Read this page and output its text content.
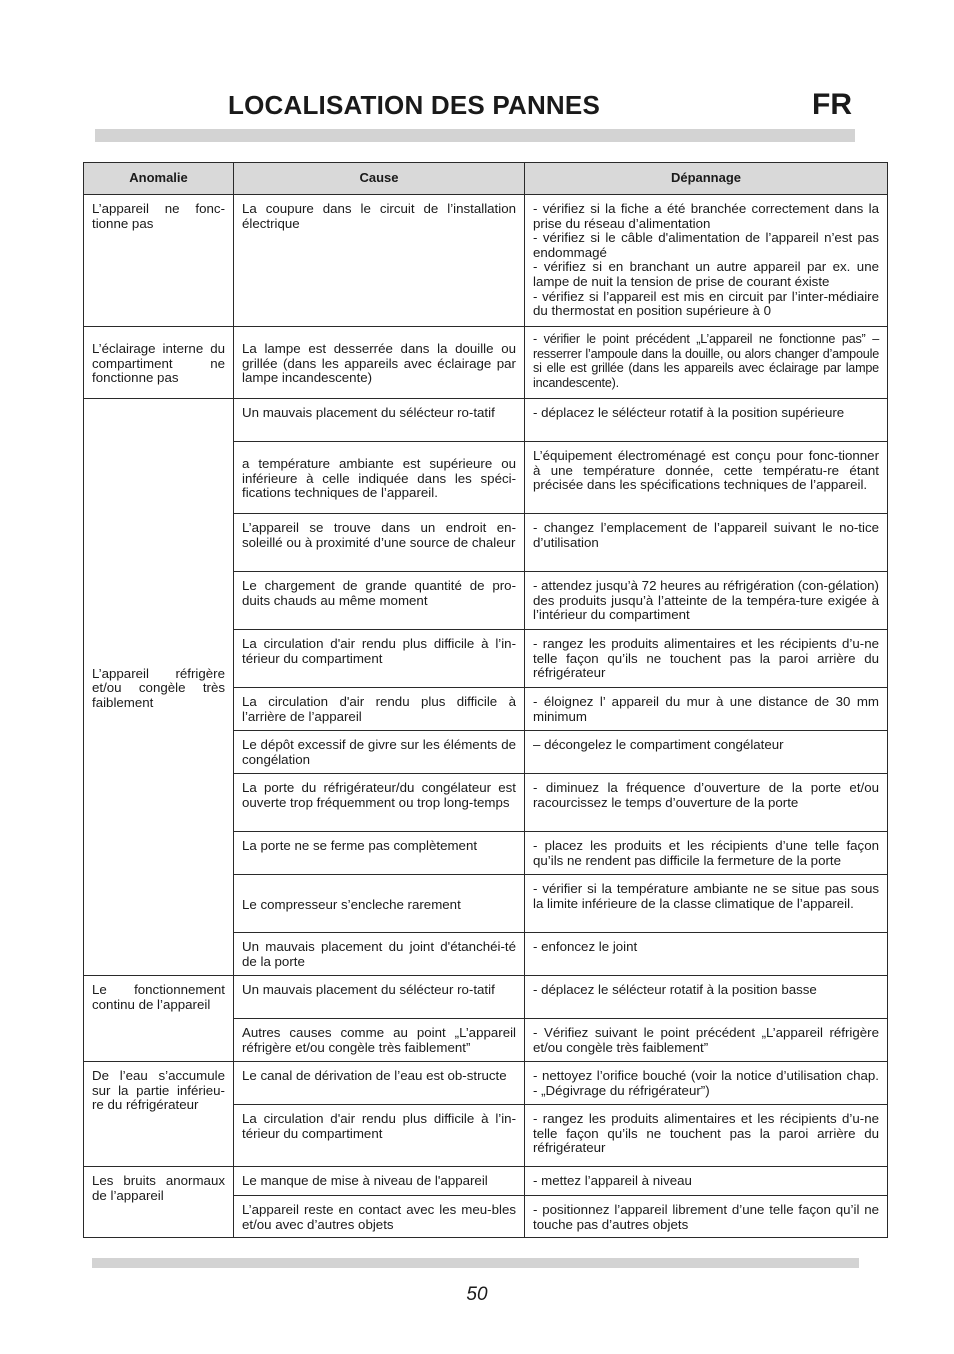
LOCALISATION DES PANNES	FR
Anomalie	Cause	Dépannage
L’appareil ne fonc-tionne pas	La coupure dans le circuit de l’installation électrique	- vérifiez si la fiche a été branchée correctement dans la prise du réseau d’alimentation
- vérifiez si le câble d'alimentation de l’appareil n’est pas endommagé
- vérifiez si en branchant un autre appareil par ex. une lampe de nuit la tension de prise de courant éxiste
- vérifiez si l’appareil est mis en circuit par l’inter-médiaire du thermostat en position supérieure à 0
L’éclairage interne du compartiment ne fonctionne pas	La lampe est desserrée dans la douille ou grillée (dans les appareils avec éclairage par lampe incandescente)	- vérifier le point précédent „L’appareil ne fonctionne pas” – resserrer l’ampoule dans la douille, ou alors changer d’ampoule si elle est grillée (dans les appareils avec éclairage par lampe incandescente).
L’appareil réfrigère et/ou congèle très faiblement	Un mauvais placement du sélécteur ro-tatif	- déplacez le sélécteur rotatif à la position supérieure
	a température ambiante est supérieure ou inférieure à celle indiquée dans les spéci-fications techniques de l’appareil.	L’équipement électroménagé est conçu pour fonc-tionner à une température donnée, cette températu-re étant précisée dans les spécifications techniques de l’appareil.
	L’appareil se trouve dans un endroit en-soleillé ou à proximité d’une source de chaleur	- changez l’emplacement de l’appareil suivant le no-tice d’utilisation
	Le chargement de grande quantité de pro-duits chauds au même moment	- attendez jusqu’à 72 heures au réfrigération (con-gélation) des produits jusqu’à l’atteinte de la tempéra-ture exigée à l’intérieur du compartiment
	La circulation d'air rendu plus difficile à l’in-térieur du compartiment	- rangez les produits alimentaires et les récipients d’u-ne telle façon qu’ils ne touchent pas la paroi arrière du réfrigérateur
	La circulation d'air rendu plus difficile à l’arrière de l’appareil	- éloignez l’ appareil du mur à une distance de 30 mm minimum
	Le dépôt excessif de givre sur les éléments de congélation	– décongelez le compartiment congélateur
	La porte du réfrigérateur/du congélateur est ouverte trop fréquemment ou trop long-temps	- diminuez la fréquence d’ouverture de la porte et/ou racourcissez le temps d’ouverture de la porte
	La porte ne se ferme pas complètement	- placez les produits et les récipients d’une telle façon qu’ils ne rendent pas difficile la fermeture de la porte
	Le compresseur s’encleche rarement	- vérifier si la température ambiante ne se situe pas sous la limite inférieure de la classe climatique de l’appareil.
	Un mauvais placement du joint d'étanchéi-té de la porte	- enfoncez le joint
Le fonctionnement continu de l’appareil	Un mauvais placement du sélécteur ro-tatif	- déplacez le sélécteur rotatif à la position basse
	Autres causes comme au point „L’appareil réfrigère et/ou congèle très faiblement”	- Vérifiez suivant le point précédent „L’appareil réfrigère et/ou congèle très faiblement”
De l’eau s’accumule sur la partie inférieu-re du réfrigérateur	Le canal de dérivation de l’eau est ob-structe	- nettoyez l’orifice bouché (voir la notice d’utilisation chap. - „Dégivrage du réfrigérateur”)
	La circulation d'air rendu plus difficile à l’in-térieur du compartiment	- rangez les produits alimentaires et les récipients d’u-ne telle façon qu’ils ne touchent pas la paroi arrière du réfrigérateur
Les bruits anormaux de l’appareil	Le manque de mise à niveau de l'appareil	- mettez l’appareil à niveau
	L’appareil reste en contact avec les meu-bles et/ou avec d’autres objets	- positionnez l’appareil librement d’une telle façon qu’il ne touche pas d’autres objets
50
